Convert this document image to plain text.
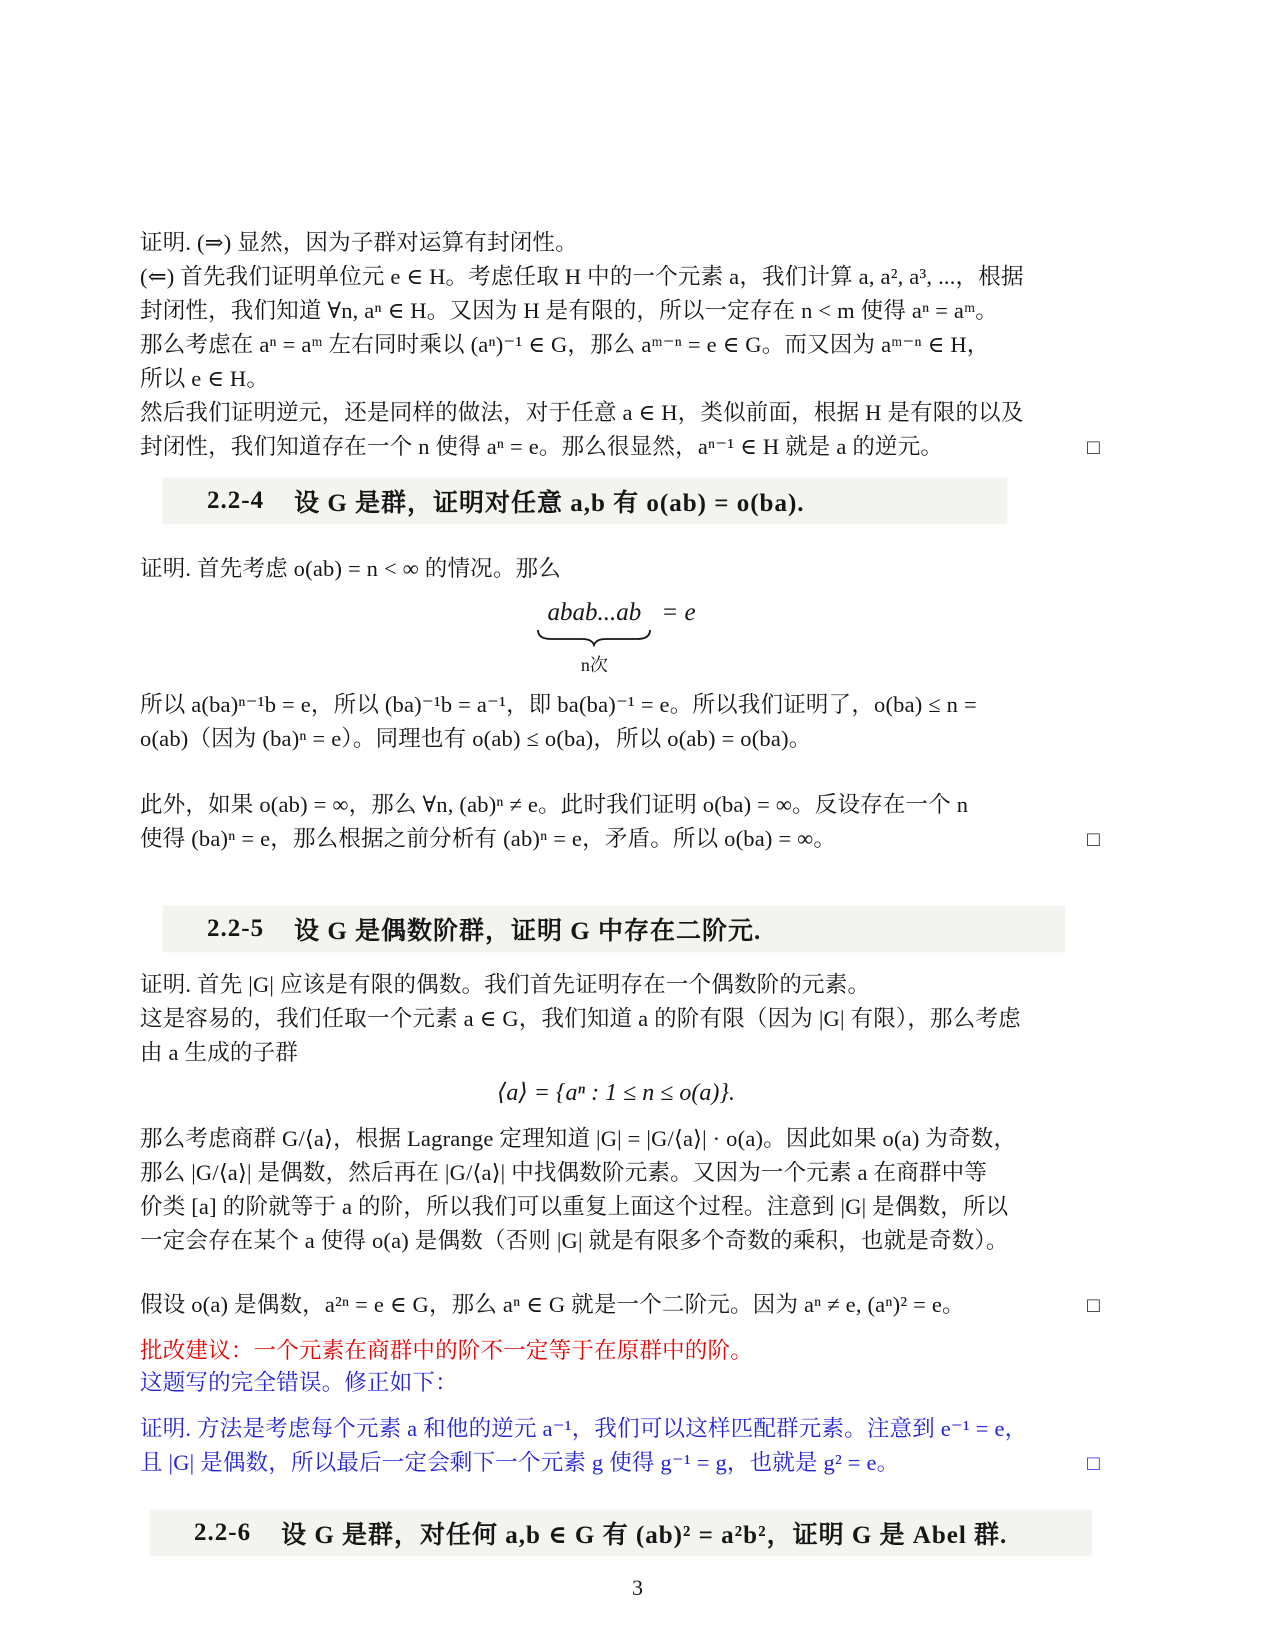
证明. (⇒) 显然，因为子群对运算有封闭性。
(⇐) 首先我们证明单位元 e ∈ H。考虑任取 H 中的一个元素 a，我们计算 a, a², a³, ...，根据
封闭性，我们知道 ∀n, aⁿ ∈ H。又因为 H 是有限的，所以一定存在 n < m 使得 aⁿ = aᵐ。
那么考虑在 aⁿ = aᵐ 左右同时乘以 (aⁿ)⁻¹ ∈ G，那么 aᵐ⁻ⁿ = e ∈ G。而又因为 aᵐ⁻ⁿ ∈ H，
所以 e ∈ H。
然后我们证明逆元，还是同样的做法，对于任意 a ∈ H，类似前面，根据 H 是有限的以及
封闭性，我们知道存在一个 n 使得 aⁿ = e。那么很显然，aⁿ⁻¹ ∈ H 就是 a 的逆元。	□
2.2-4 设 G 是群，证明对任意 a,b 有 o(ab) = o(ba).
证明. 首先考虑 o(ab) = n < ∞ 的情况。那么
abab...ab
n次
= e
所以 a(ba)ⁿ⁻¹b = e，所以 (ba)⁻¹b = a⁻¹，即 ba(ba)⁻¹ = e。所以我们证明了，o(ba) ≤ n =
o(ab)（因为 (ba)ⁿ = e）。同理也有 o(ab) ≤ o(ba)，所以 o(ab) = o(ba)。
此外，如果 o(ab) = ∞，那么 ∀n, (ab)ⁿ ≠ e。此时我们证明 o(ba) = ∞。反设存在一个 n
使得 (ba)ⁿ = e，那么根据之前分析有 (ab)ⁿ = e，矛盾。所以 o(ba) = ∞。	□
2.2-5 设 G 是偶数阶群，证明 G 中存在二阶元.
证明. 首先 |G| 应该是有限的偶数。我们首先证明存在一个偶数阶的元素。
这是容易的，我们任取一个元素 a ∈ G，我们知道 a 的阶有限（因为 |G| 有限），那么考虑
由 a 生成的子群
⟨a⟩ = {aⁿ : 1 ≤ n ≤ o(a)}.
那么考虑商群 G/⟨a⟩，根据 Lagrange 定理知道 |G| = |G/⟨a⟩| · o(a)。因此如果 o(a) 为奇数，
那么 |G/⟨a⟩| 是偶数，然后再在 |G/⟨a⟩| 中找偶数阶元素。又因为一个元素 a 在商群中等
价类 [a] 的阶就等于 a 的阶，所以我们可以重复上面这个过程。注意到 |G| 是偶数，所以
一定会存在某个 a 使得 o(a) 是偶数（否则 |G| 就是有限多个奇数的乘积，也就是奇数）。
假设 o(a) 是偶数，a²ⁿ = e ∈ G，那么 aⁿ ∈ G 就是一个二阶元。因为 aⁿ ≠ e, (aⁿ)² = e。	□
批改建议：一个元素在商群中的阶不一定等于在原群中的阶。
这题写的完全错误。修正如下：
证明. 方法是考虑每个元素 a 和他的逆元 a⁻¹，我们可以这样匹配群元素。注意到 e⁻¹ = e，
且 |G| 是偶数，所以最后一定会剩下一个元素 g 使得 g⁻¹ = g，也就是 g² = e。	□
2.2-6 设 G 是群，对任何 a,b ∈ G 有 (ab)² = a²b²，证明 G 是 Abel 群.
3
